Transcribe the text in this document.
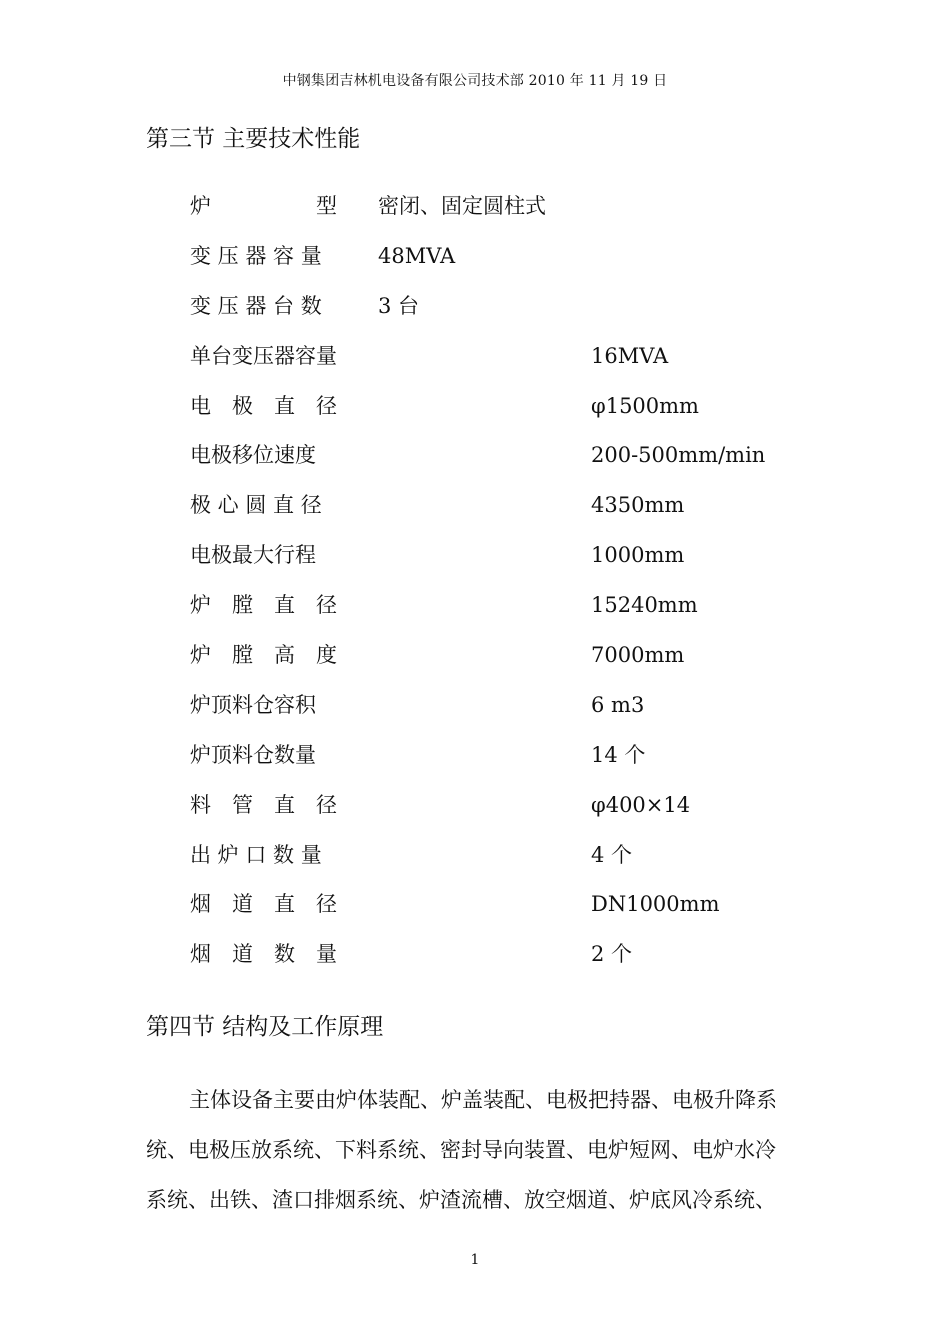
中钢集团吉林机电设备有限公司技术部 2010 年 11 月 19 日
第三节 主要技术性能
炉　　　　　型	密闭、固定圆柱式
变 压 器 容 量	48MVA
变 压 器 台 数	3 台
单台变压器容量	16MVA
电　极　直　径	φ1500mm
电极移位速度	200-500mm/min
极 心 圆 直 径	4350mm
电极最大行程	1000mm
炉　膛　直　径	15240mm
炉　膛　高　度	7000mm
炉顶料仓容积	6 m3
炉顶料仓数量	14 个
料　管　直　径	φ400×14
出 炉 口 数 量	4 个
烟　道　直　径	DN1000mm
烟　道　数　量	2 个
第四节 结构及工作原理
主体设备主要由炉体装配、炉盖装配、电极把持器、电极升降系
统、电极压放系统、下料系统、密封导向装置、电炉短网、电炉水冷
系统、出铁、渣口排烟系统、炉渣流槽、放空烟道、炉底风冷系统、
1
